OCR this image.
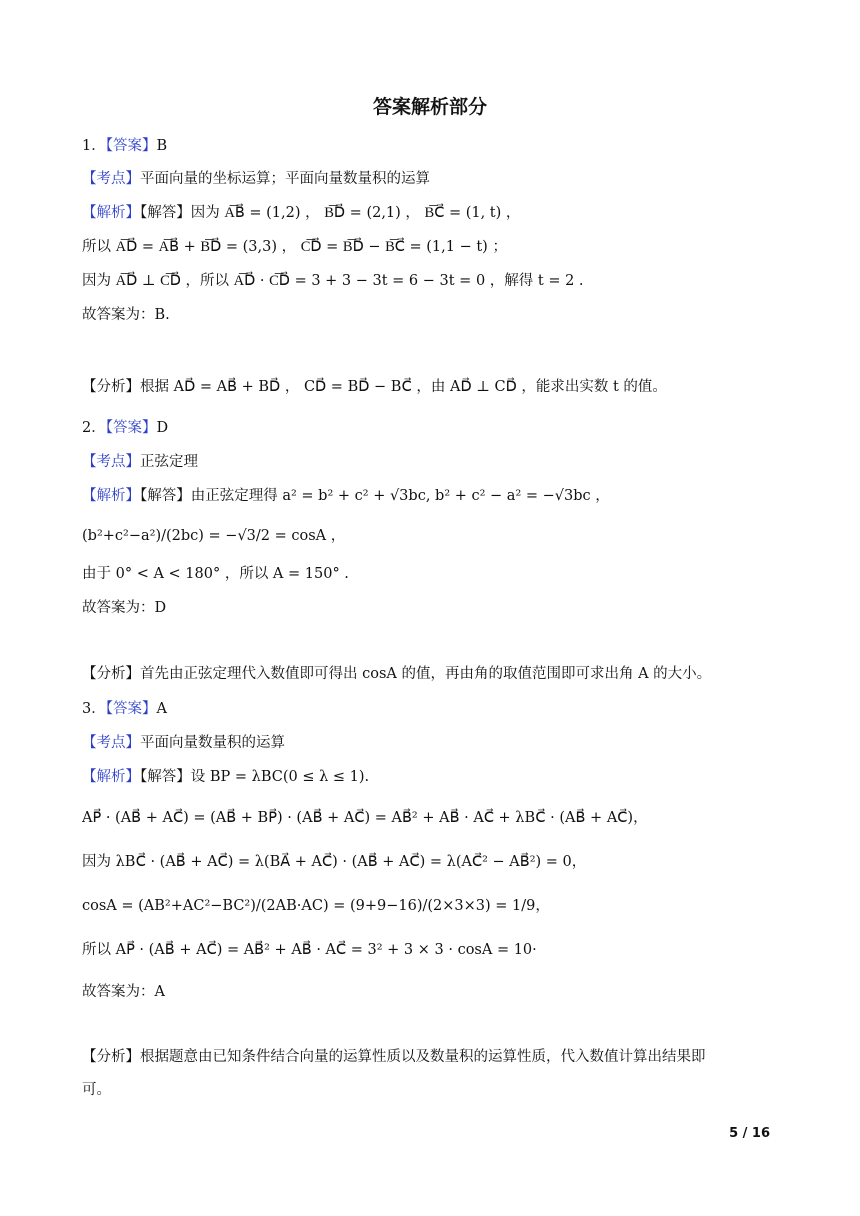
答案解析部分
1．【答案】B
【考点】平面向量的坐标运算；平面向量数量积的运算
【解析】【解答】因为 A͞B⃗ = (1,2) ， B͞D⃗ = (2,1) ， B͞C⃗ = (1, t) ，
所以 A͞D⃗ = A͞B⃗ + B͞D⃗ = (3,3) ， C͞D⃗ = B͞D⃗ − B͞C⃗ = (1,1 − t) ；
因为 A͞D⃗ ⊥ C͞D⃗ ，所以 A͞D⃗ · C͞D⃗ = 3 + 3 − 3t = 6 − 3t = 0 ，解得 t = 2 .
故答案为：B.
【分析】根据 AD⃗ = AB⃗ + BD⃗ ， CD⃗ = BD⃗ − BC⃗ ，由 AD⃗ ⊥ CD⃗ ，能求出实数 t 的值。
2．【答案】D
【考点】正弦定理
【解析】【解答】由正弦定理得 a² = b² + c² + √3bc, b² + c² − a² = −√3bc ，
(b²+c²−a²)/(2bc) = −√3/2 = cosA ，
由于 0° < A < 180° ，所以 A = 150° .
故答案为：D
【分析】首先由正弦定理代入数值即可得出 cosA 的值，再由角的取值范围即可求出角 A 的大小。
3．【答案】A
【考点】平面向量数量积的运算
【解析】【解答】设 BP = λBC(0 ≤ λ ≤ 1).
AP⃗ · (AB⃗ + AC⃗) = (AB⃗ + BP⃗) · (AB⃗ + AC⃗) = AB⃗² + AB⃗ · AC⃗ + λBC⃗ · (AB⃗ + AC⃗)，
因为 λBC⃗ · (AB⃗ + AC⃗) = λ(BA⃗ + AC⃗) · (AB⃗ + AC⃗) = λ(AC⃗² − AB⃗²) = 0，
cosA = (AB²+AC²−BC²)/(2AB·AC) = (9+9−16)/(2×3×3) = 1/9，
所以 AP⃗ · (AB⃗ + AC⃗) = AB⃗² + AB⃗ · AC⃗ = 3² + 3 × 3 · cosA = 10·
故答案为：A
【分析】根据题意由已知条件结合向量的运算性质以及数量积的运算性质，代入数值计算出结果即
可。
5 / 16
